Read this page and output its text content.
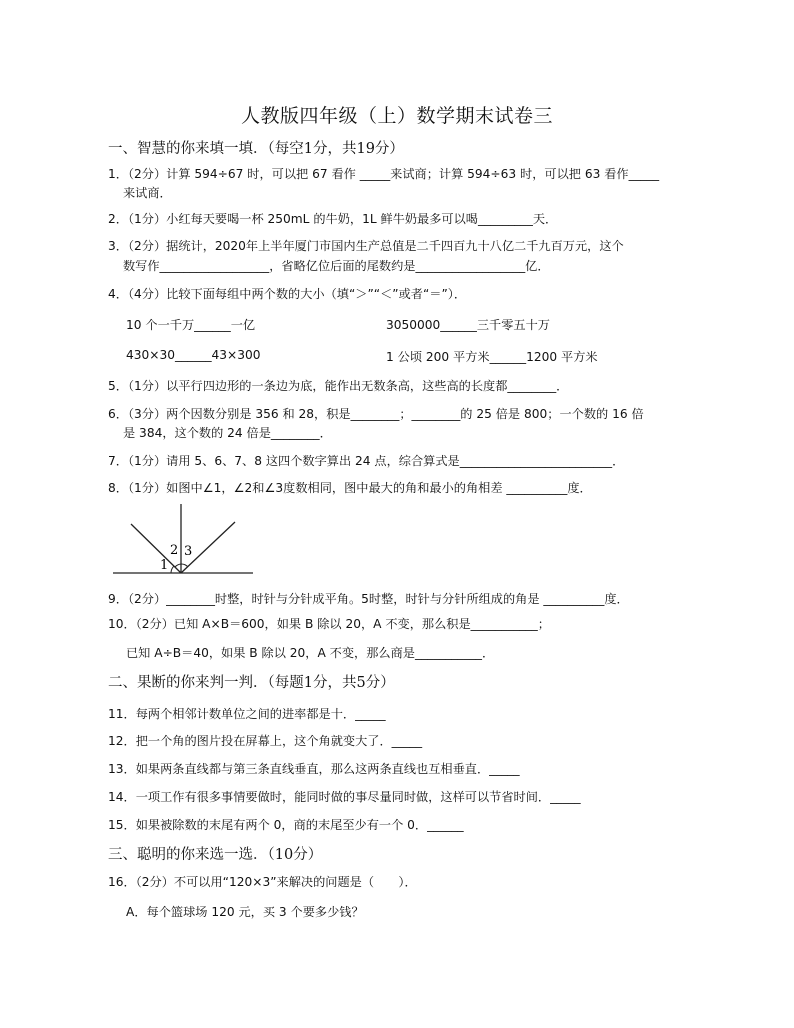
人教版四年级（上）数学期末试卷三
一、智慧的你来填一填．（每空1分，共19分）
1．（2分）计算 594÷67 时，可以把 67 看作 _____来试商；计算 594÷63 时，可以把 63 看作_____
来试商．
2．（1分）小红每天要喝一杯 250mL 的牛奶，1L 鲜牛奶最多可以喝_________天．
3．（2分）据统计，2020年上半年厦门市国内生产总值是二千四百九十八亿二千九百万元，这个
数写作__________________，省略亿位后面的尾数约是__________________亿．
4．（4分）比较下面每组中两个数的大小（填“＞”“＜”或者“＝”）．
10 个一千万______一亿	3050000______三千零五十万
430×30______43×300	1 公顷 200 平方米______1200 平方米
5．（1分）以平行四边形的一条边为底，能作出无数条高，这些高的长度都________．
6．（3分）两个因数分别是 356 和 28，积是________；________的 25 倍是 800；一个数的 16 倍
是 384，这个数的 24 倍是________．
7．（1分）请用 5、6、7、8 这四个数字算出 24 点，综合算式是_________________________．
8．（1分）如图中∠1，∠2和∠3度数相同，图中最大的角和最小的角相差 __________度．
1
2 3
9．（2分）________时整，时针与分针成平角。5时整，时针与分针所组成的角是 __________度．
10．（2分）已知 A×B＝600，如果 B 除以 20，A 不变，那么积是___________；
已知 A÷B＝40，如果 B 除以 20，A 不变，那么商是___________．
二、果断的你来判一判．（每题1分，共5分）
11．每两个相邻计数单位之间的进率都是十．_____
12．把一个角的图片投在屏幕上，这个角就变大了．_____
13．如果两条直线都与第三条直线垂直，那么这两条直线也互相垂直．_____
14．一项工作有很多事情要做时，能同时做的事尽量同时做，这样可以节省时间．_____
15．如果被除数的末尾有两个 0，商的末尾至少有一个 0．______
三、聪明的你来选一选．（10分）
16．（2分）不可以用“120×3”来解决的问题是（　　）．
A．每个篮球场 120 元，买 3 个要多少钱？
